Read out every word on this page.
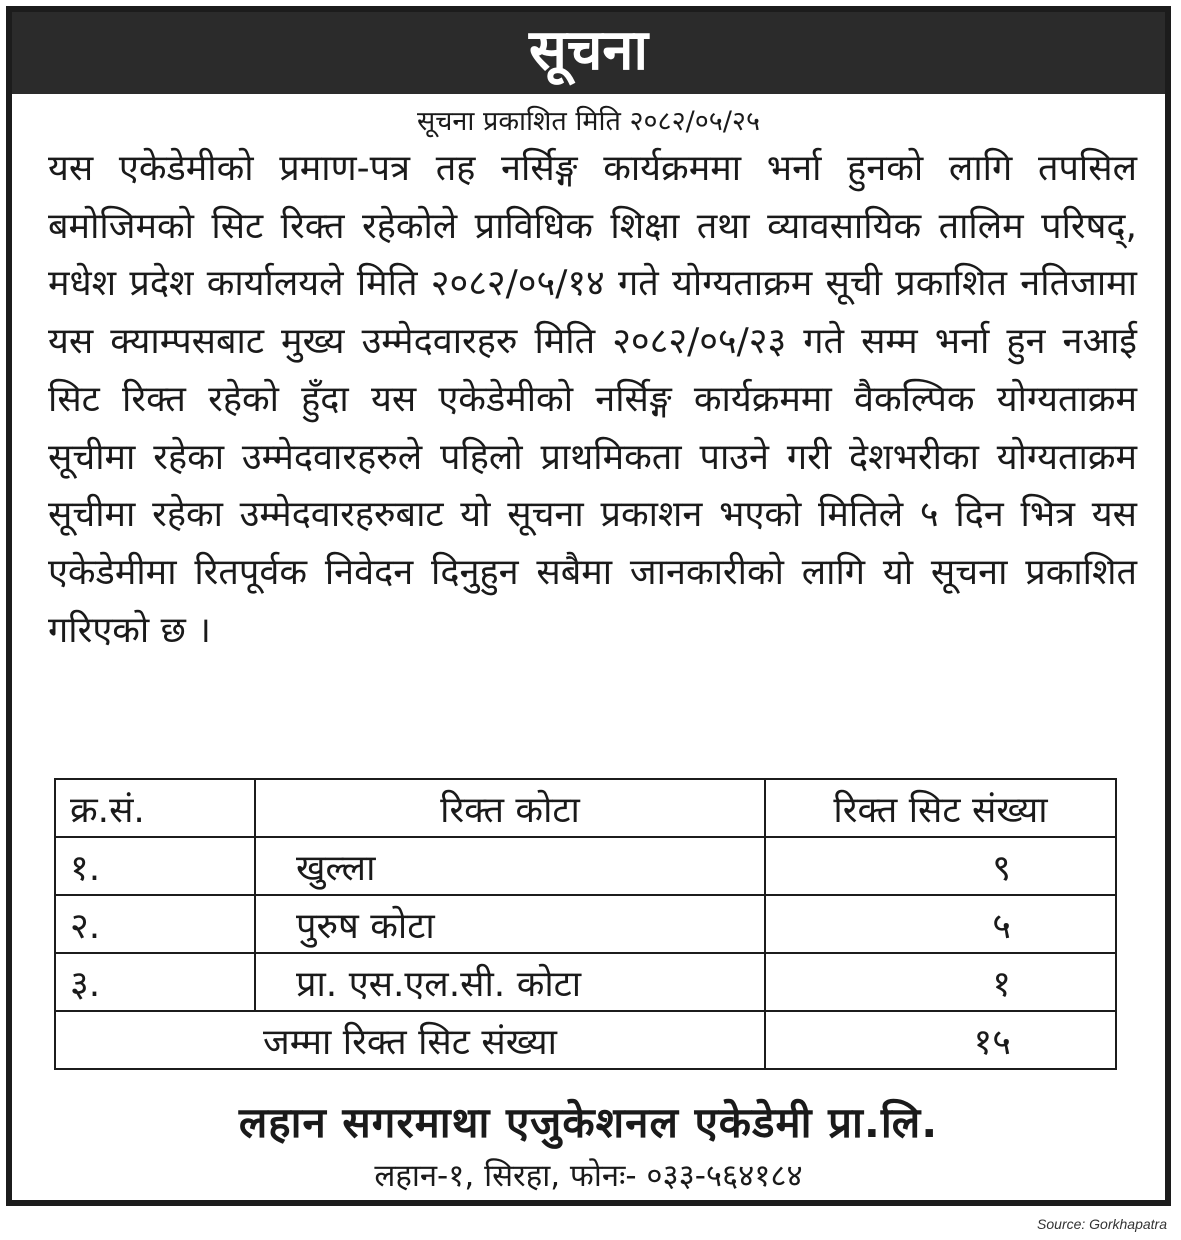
सूचना
सूचना प्रकाशित मिति २०८२/०५/२५
यस एकेडेमीको प्रमाण-पत्र तह नर्सिङ्ग कार्यक्रममा भर्ना हुनको लागि तपसिल बमोजिमको सिट रिक्त रहेकोले प्राविधिक शिक्षा तथा व्यावसायिक तालिम परिषद्, मधेश प्रदेश कार्यालयले मिति २०८२/०५/१४ गते योग्यताक्रम सूची प्रकाशित नतिजामा यस क्याम्पसबाट मुख्य उम्मेदवारहरु मिति २०८२/०५/२३ गते सम्म भर्ना हुन नआई सिट रिक्त रहेको हुँदा यस एकेडेमीको नर्सिङ्ग कार्यक्रममा वैकल्पिक योग्यताक्रम सूचीमा रहेका उम्मेदवारहरुले पहिलो प्राथमिकता पाउने गरी देशभरीका योग्यताक्रम सूचीमा रहेका उम्मेदवारहरुबाट यो सूचना प्रकाशन भएको मितिले ५ दिन भित्र यस एकेडेमीमा रितपूर्वक निवेदन दिनुहुन सबैमा जानकारीको लागि यो सूचना प्रकाशित गरिएको छ ।
क्र.सं.	रिक्त कोटा	रिक्त सिट संख्या
१.	खुल्ला	९
२.	पुरुष कोटा	५
३.	प्रा. एस.एल.सी. कोटा	१
जम्मा रिक्त सिट संख्या		१५
लहान सगरमाथा एजुकेशनल एकेडेमी प्रा.लि.
लहान-१, सिरहा, फोनः- ०३३-५६४१८४
Source: Gorkhapatra
